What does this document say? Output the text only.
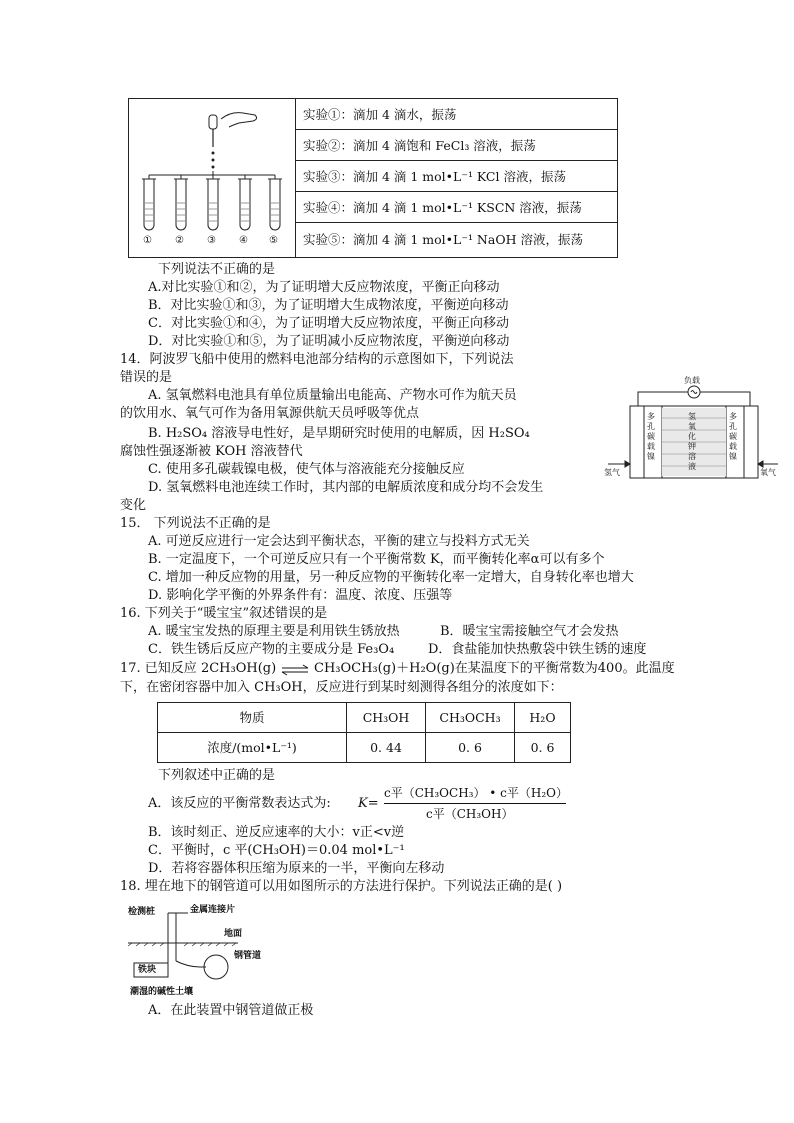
① ② ③ ④ ⑤
实验①：滴加 4 滴水，振荡
实验②：滴加 4 滴饱和 FeCl₃ 溶液，振荡
实验③：滴加 4 滴 1 mol•L⁻¹ KCl 溶液，振荡
实验④：滴加 4 滴 1 mol•L⁻¹ KSCN 溶液，振荡
实验⑤：滴加 4 滴 1 mol•L⁻¹ NaOH 溶液，振荡
下列说法不正确的是
A.对比实验①和②，为了证明增大反应物浓度，平衡正向移动
B．对比实验①和③，为了证明增大生成物浓度，平衡逆向移动
C．对比实验①和④，为了证明增大反应物浓度，平衡正向移动
D．对比实验①和⑤，为了证明减小反应物浓度，平衡逆向移动
14．阿波罗飞船中使用的燃料电池部分结构的示意图如下，下列说法
错误的是
A. 氢氧燃料电池具有单位质量输出电能高、产物水可作为航天员
的饮用水、氧气可作为备用氧源供航天员呼吸等优点
B. H₂SO₄ 溶液导电性好，是早期研究时使用的电解质，因 H₂SO₄
腐蚀性强逐渐被 KOH 溶液替代
C. 使用多孔碳载镍电极，使气体与溶液能充分接触反应
D. 氢氧燃料电池连续工作时，其内部的电解质浓度和成分均不会发生
变化
负载
多孔碳载镍
氢氧化钾溶液
多孔碳载镍
氢气	氧气
15． 下列说法不正确的是
A. 可逆反应进行一定会达到平衡状态，平衡的建立与投料方式无关
B. 一定温度下，一个可逆反应只有一个平衡常数 K，而平衡转化率α可以有多个
C. 增加一种反应物的用量，另一种反应物的平衡转化率一定增大，自身转化率也增大
D. 影响化学平衡的外界条件有：温度、浓度、压强等
16. 下列关于“暖宝宝”叙述错误的是
A. 暖宝宝发热的原理主要是利用铁生锈放热	B．暖宝宝需接触空气才会发热
C．铁生锈后反应产物的主要成分是 Fe₃O₄	D．食盐能加快热敷袋中铁生锈的速度
17. 已知反应 2CH₃OH(g) ⇌ CH₃OCH₃(g)＋H₂O(g)在某温度下的平衡常数为400。此温度
下，在密闭容器中加入 CH₃OH，反应进行到某时刻测得各组分的浓度如下：
物质	CH₃OH	CH₃OCH₃	H₂O
浓度/(mol•L⁻¹)	0. 44	0. 6	0. 6
下列叙述中正确的是
A．该反应的平衡常数表达式为: K=
c平（CH₃OCH₃） • c平（H₂O）
c平（CH₃OH）
B．该时刻正、逆反应速率的大小：v正<v逆
C．平衡时，c 平(CH₃OH)＝0.04 mol•L⁻¹
D．若将容器体积压缩为原来的一半，平衡向左移动
18. 埋在地下的钢管道可以用如图所示的方法进行保护。下列说法正确的是( )
检测桩	金属连接片
地面
钢管道
铁块
潮湿的碱性土壤
A．在此装置中钢管道做正极
